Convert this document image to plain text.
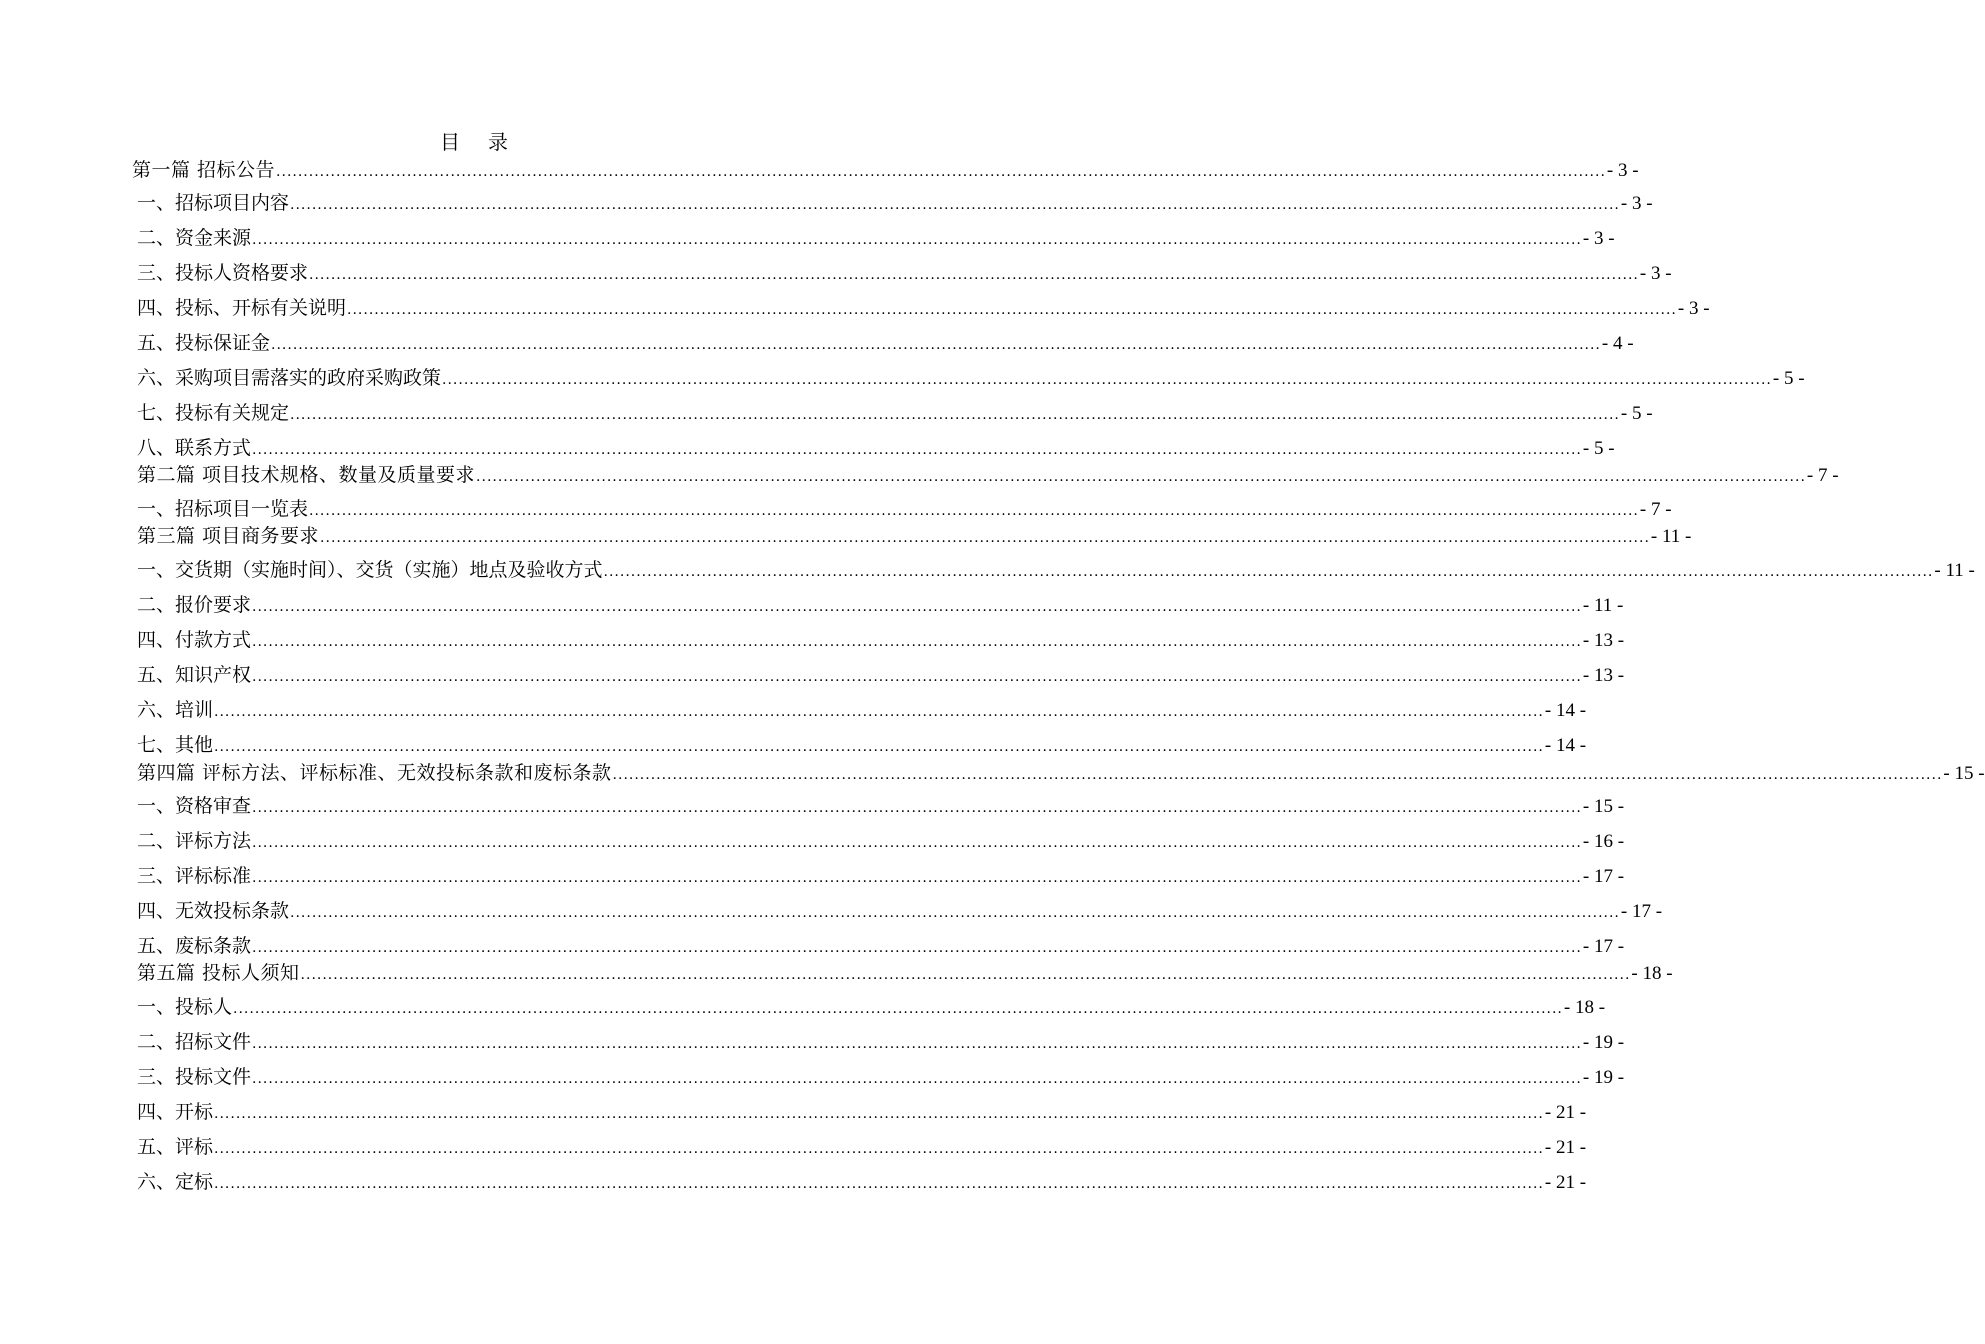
目 录
第一篇 招标公告 .................................................................................................................................................................................................................................................... - 3 -
一、招标项目内容 .................................................................................................................................................................................................................................................... - 3 -
二、资金来源 .................................................................................................................................................................................................................................................... - 3 -
三、投标人资格要求 .................................................................................................................................................................................................................................................... - 3 -
四、投标、开标有关说明 .................................................................................................................................................................................................................................................... - 3 -
五、投标保证金 .................................................................................................................................................................................................................................................... - 4 -
六、采购项目需落实的政府采购政策 .................................................................................................................................................................................................................................................... - 5 -
七、投标有关规定 .................................................................................................................................................................................................................................................... - 5 -
八、联系方式 .................................................................................................................................................................................................................................................... - 5 -
第二篇 项目技术规格、数量及质量要求 .................................................................................................................................................................................................................................................... - 7 -
一、招标项目一览表 .................................................................................................................................................................................................................................................... - 7 -
第三篇 项目商务要求 .................................................................................................................................................................................................................................................... - 11 -
一、交货期（实施时间）、交货（实施）地点及验收方式 .................................................................................................................................................................................................................................................... - 11 -
二、报价要求 .................................................................................................................................................................................................................................................... - 11 -
四、付款方式 .................................................................................................................................................................................................................................................... - 13 -
五、知识产权 .................................................................................................................................................................................................................................................... - 13 -
六、培训 .................................................................................................................................................................................................................................................... - 14 -
七、其他 .................................................................................................................................................................................................................................................... - 14 -
第四篇 评标方法、评标标准、无效投标条款和废标条款 .................................................................................................................................................................................................................................................... - 15 -
一、资格审查 .................................................................................................................................................................................................................................................... - 15 -
二、评标方法 .................................................................................................................................................................................................................................................... - 16 -
三、评标标准 .................................................................................................................................................................................................................................................... - 17 -
四、无效投标条款 .................................................................................................................................................................................................................................................... - 17 -
五、废标条款 .................................................................................................................................................................................................................................................... - 17 -
第五篇 投标人须知 .................................................................................................................................................................................................................................................... - 18 -
一、投标人 .................................................................................................................................................................................................................................................... - 18 -
二、招标文件 .................................................................................................................................................................................................................................................... - 19 -
三、投标文件 .................................................................................................................................................................................................................................................... - 19 -
四、开标 .................................................................................................................................................................................................................................................... - 21 -
五、评标 .................................................................................................................................................................................................................................................... - 21 -
六、定标 .................................................................................................................................................................................................................................................... - 21 -
